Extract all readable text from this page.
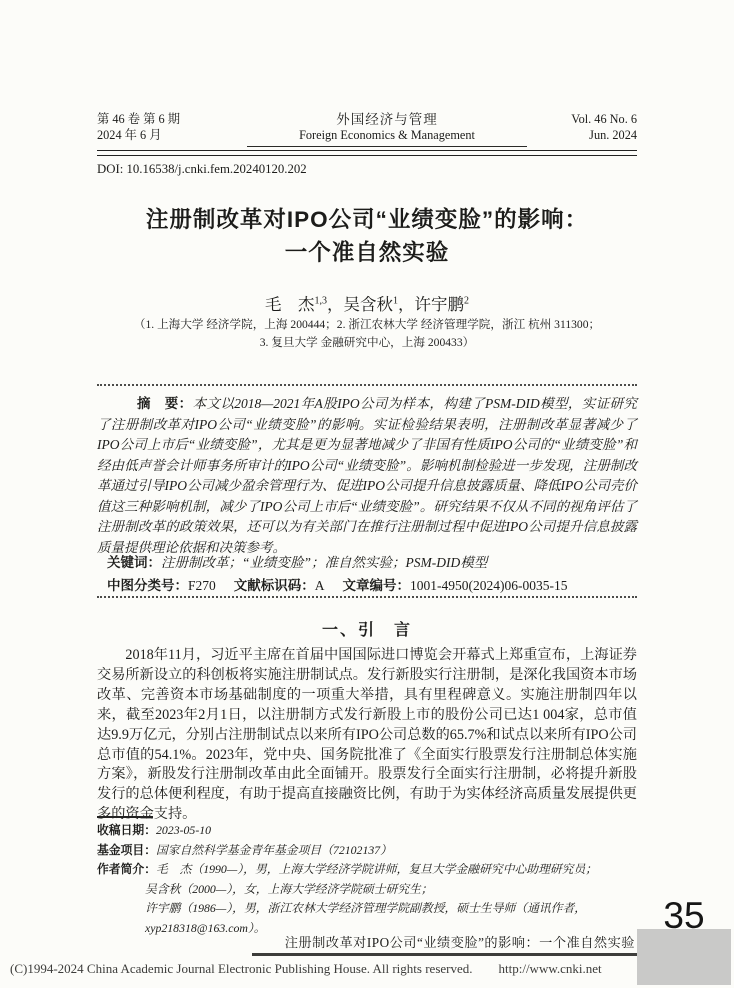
第 46 卷 第 6 期
2024 年 6 月
外国经济与管理
Foreign Economics & Management
Vol. 46 No. 6
Jun. 2024
DOI: 10.16538/j.cnki.fem.20240120.202
注册制改革对IPO公司“业绩变脸”的影响：
一个准自然实验
毛　杰$^{1,3}$，吴含秋$^1$，许宇鹏$^2$
（1. 上海大学 经济学院，上海 200444；2. 浙江农林大学 经济管理学院，浙江 杭州 311300；
3. 复旦大学 金融研究中心，上海 200433）

摘　要：本文以2018—2021年A股IPO公司为样本，构建了PSM-DID模型，实证研究了注册制改革对IPO公司“业绩变脸”的影响。实证检验结果表明，注册制改革显著减少了IPO公司上市后“业绩变脸”，尤其是更为显著地减少了非国有性质IPO公司的“业绩变脸”和经由低声誉会计师事务所审计的IPO公司“业绩变脸”。影响机制检验进一步发现，注册制改革通过引导IPO公司减少盈余管理行为、促进IPO公司提升信息披露质量、降低IPO公司壳价值这三种影响机制，减少了IPO公司上市后“业绩变脸”。研究结果不仅从不同的视角评估了注册制改革的政策效果，还可以为有关部门在推行注册制过程中促进IPO公司提升信息披露质量提供理论依据和决策参考。

关键词：注册制改革；“业绩变脸”；准自然实验；PSM-DID模型
中图分类号：F270 文献标识码：A 文章编号：1001-4950(2024)06-0035-15
一、引　言

2018年11月，习近平主席在首届中国国际进口博览会开幕式上郑重宣布，上海证券交易所新设立的科创板将实施注册制试点。发行新股实行注册制，是深化我国资本市场改革、完善资本市场基础制度的一项重大举措，具有里程碑意义。实施注册制四年以来，截至2023年2月1日，以注册制方式发行新股上市的股份公司已达1 004家，总市值达9.9万亿元，分别占注册制试点以来所有IPO公司总数的65.7%和试点以来所有IPO公司总市值的54.1%。2023年，党中央、国务院批准了《全面实行股票发行注册制总体实施方案》，新股发行注册制改革由此全面铺开。股票发行全面实行注册制，必将提升新股发行的总体便利程度，有助于提高直接融资比例，有助于为实体经济高质量发展提供更多的资金支持。

收稿日期：2023-05-10
基金项目：国家自然科学基金青年基金项目（72102137）
作者简介：毛　杰（1990—），男，上海大学经济学院讲师，复旦大学金融研究中心助理研究员；
吴含秋（2000—），女，上海大学经济学院硕士研究生；
许宇鹏（1986—），男，浙江农林大学经济管理学院副教授，硕士生导师（通讯作者，xyp218318@163.com）。
注册制改革对IPO公司“业绩变脸”的影响：一个准自然实验
35
(C)1994-2024 China Academic Journal Electronic Publishing House. All rights reserved. http://www.cnki.net
